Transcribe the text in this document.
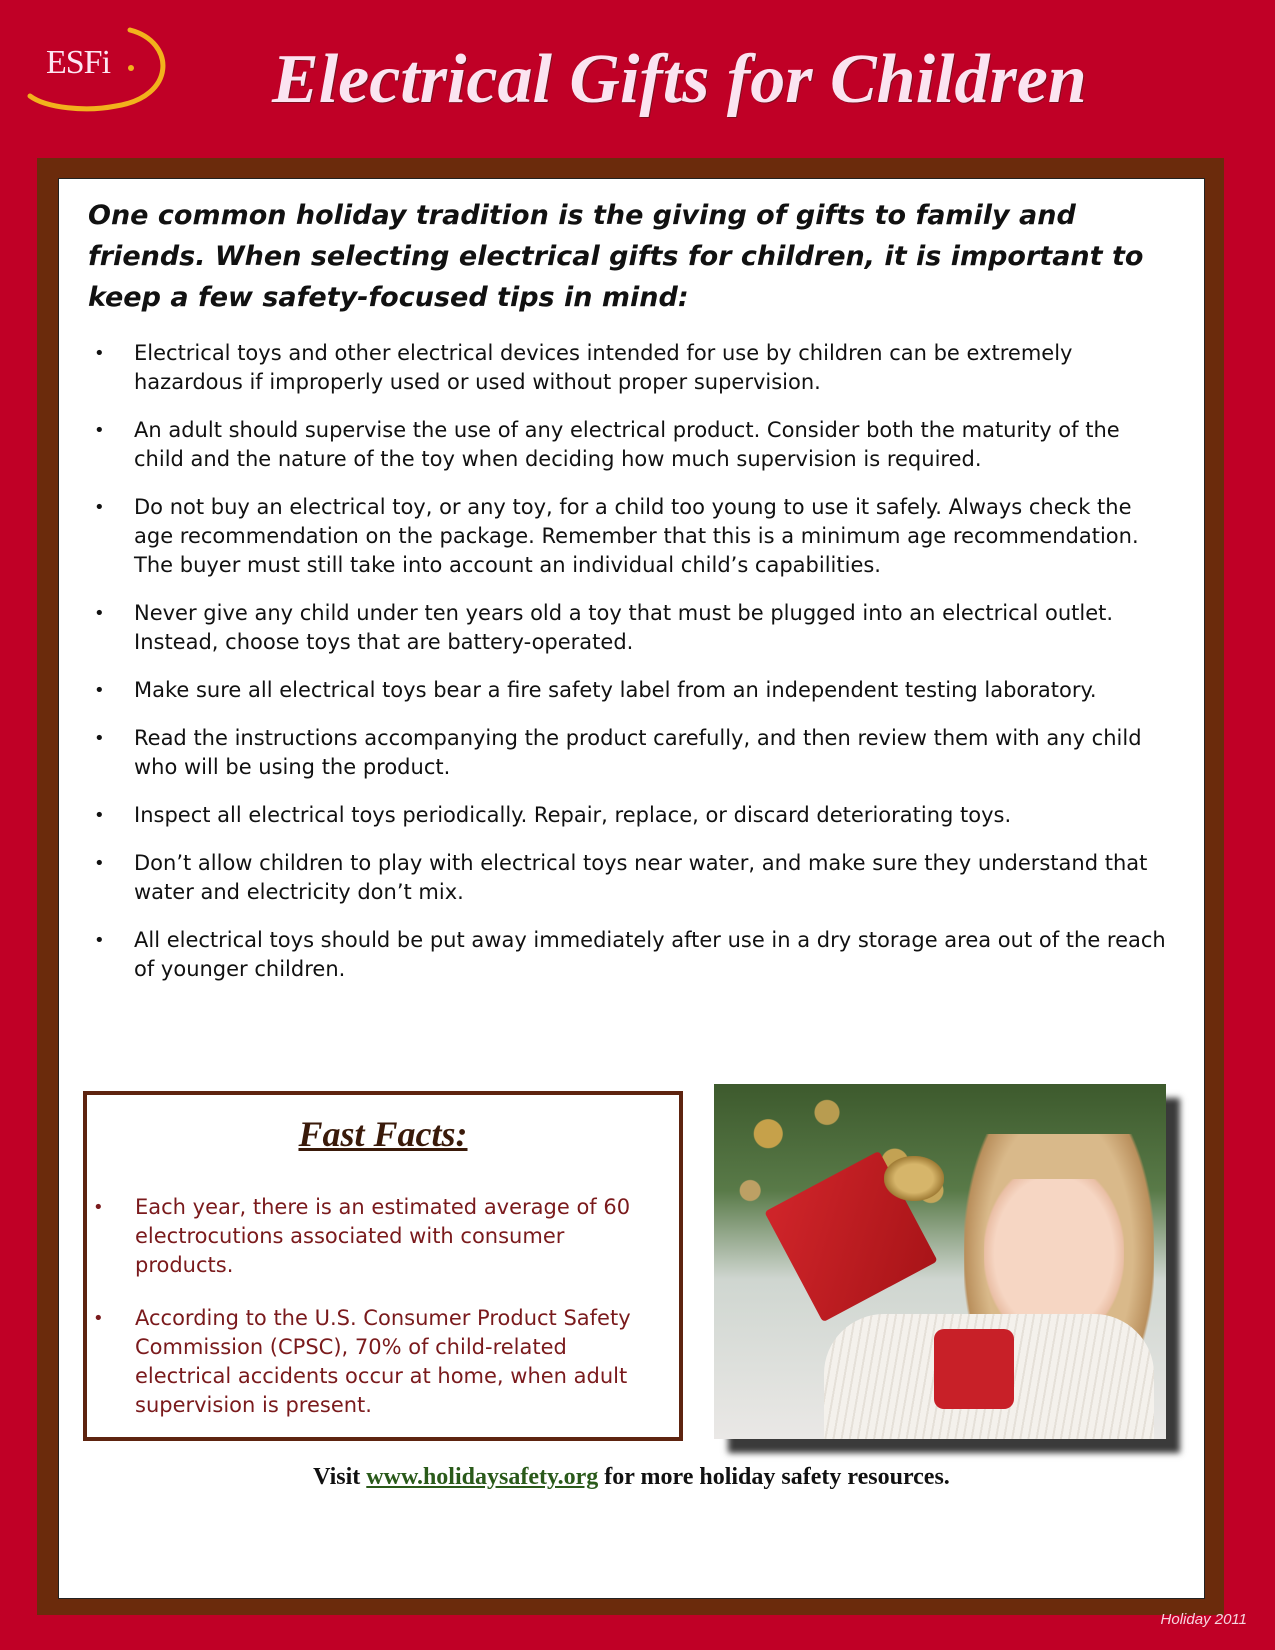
ESFi Electrical Gifts for Children
One common holiday tradition is the giving of gifts to family and friends. When selecting electrical gifts for children, it is important to keep a few safety-focused tips in mind:
•	Electrical toys and other electrical devices intended for use by children can be extremely hazardous if improperly used or used without proper supervision.
•	An adult should supervise the use of any electrical product. Consider both the maturity of the child and the nature of the toy when deciding how much supervision is required.
•	Do not buy an electrical toy, or any toy, for a child too young to use it safely. Always check the age recommendation on the package. Remember that this is a minimum age recommendation. The buyer must still take into account an individual child’s capabilities.
•	Never give any child under ten years old a toy that must be plugged into an electrical outlet. Instead, choose toys that are battery-operated.
•	Make sure all electrical toys bear a fire safety label from an independent testing laboratory.
•	Read the instructions accompanying the product carefully, and then review them with any child who will be using the product.
•	Inspect all electrical toys periodically. Repair, replace, or discard deteriorating toys.
•	Don’t allow children to play with electrical toys near water, and make sure they understand that water and electricity don’t mix.
•	All electrical toys should be put away immediately after use in a dry storage area out of the reach of younger children.
Fast Facts:
•	Each year, there is an estimated average of 60 electrocutions associated with consumer products.
•	According to the U.S. Consumer Product Safety Commission (CPSC), 70% of child-related electrical accidents occur at home, when adult supervision is present.
Visit www.holidaysafety.org for more holiday safety resources.
Holiday 2011
